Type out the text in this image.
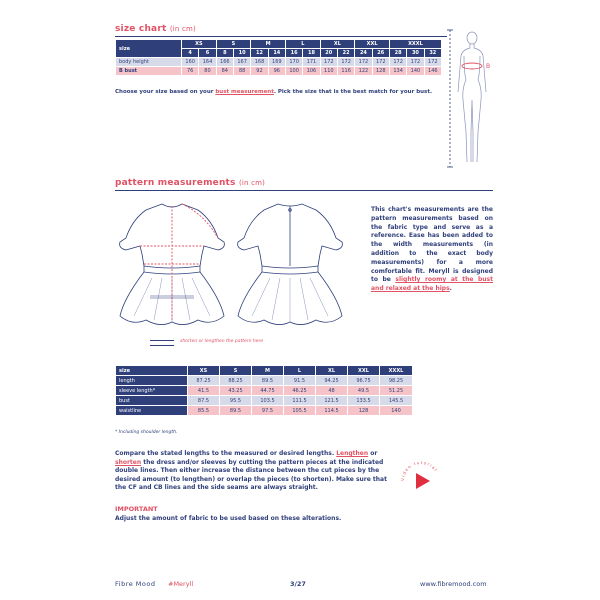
size chart (in cm)
size	XS		S		M		L		XL		XXL		XXXL		
	4	6	8	10	12	14	16	18	20	22	24	26	28	30	32
body height	160	164	166	167	168	169	170	171	172	172	172	172	172	172	172
B bust	76	80	84	88	92	96	100	106	110	116	122	128	134	140	146
Choose your size based on your bust measurement. Pick the size that is the best match for your bust.
B
pattern measurements (in cm)
This chart's measurements are the pattern measurements based on the fabric type and serve as a reference. Ease has been added to the width measurements (in addition to the exact body measurements) for a more comfortable fit. Meryll is designed to be slightly roomy at the bust and relaxed at the hips.
shorten or lengthen the pattern here
size	XS	S	M	L	XL	XXL	XXXL
length	87.25	88.25	89.5	91.5	94.25	96.75	98.25
sleeve length*	41.5	43.25	44.75	46.25	48	49.5	51.25
bust	87.5	95.5	103.5	111.5	121.5	133.5	145.5
waistline	85.5	89.5	97.5	105.5	114.5	128	140
* Including shoulder length.
Compare the stated lengths to the measured or desired lengths. Lengthen or shorten the dress and/or sleeves by cutting the pattern pieces at the indicated double lines. Then either increase the distance between the cut pieces by the desired amount (to lengthen) or overlap the pieces (to shorten). Make sure that the CF and CB lines and the side seams are always straight.
IMPORTANT
Adjust the amount of fabric to be used based on these alterations.
Video tutorial
Fibre Mood #Meryll	3/27	www.fibremood.com
